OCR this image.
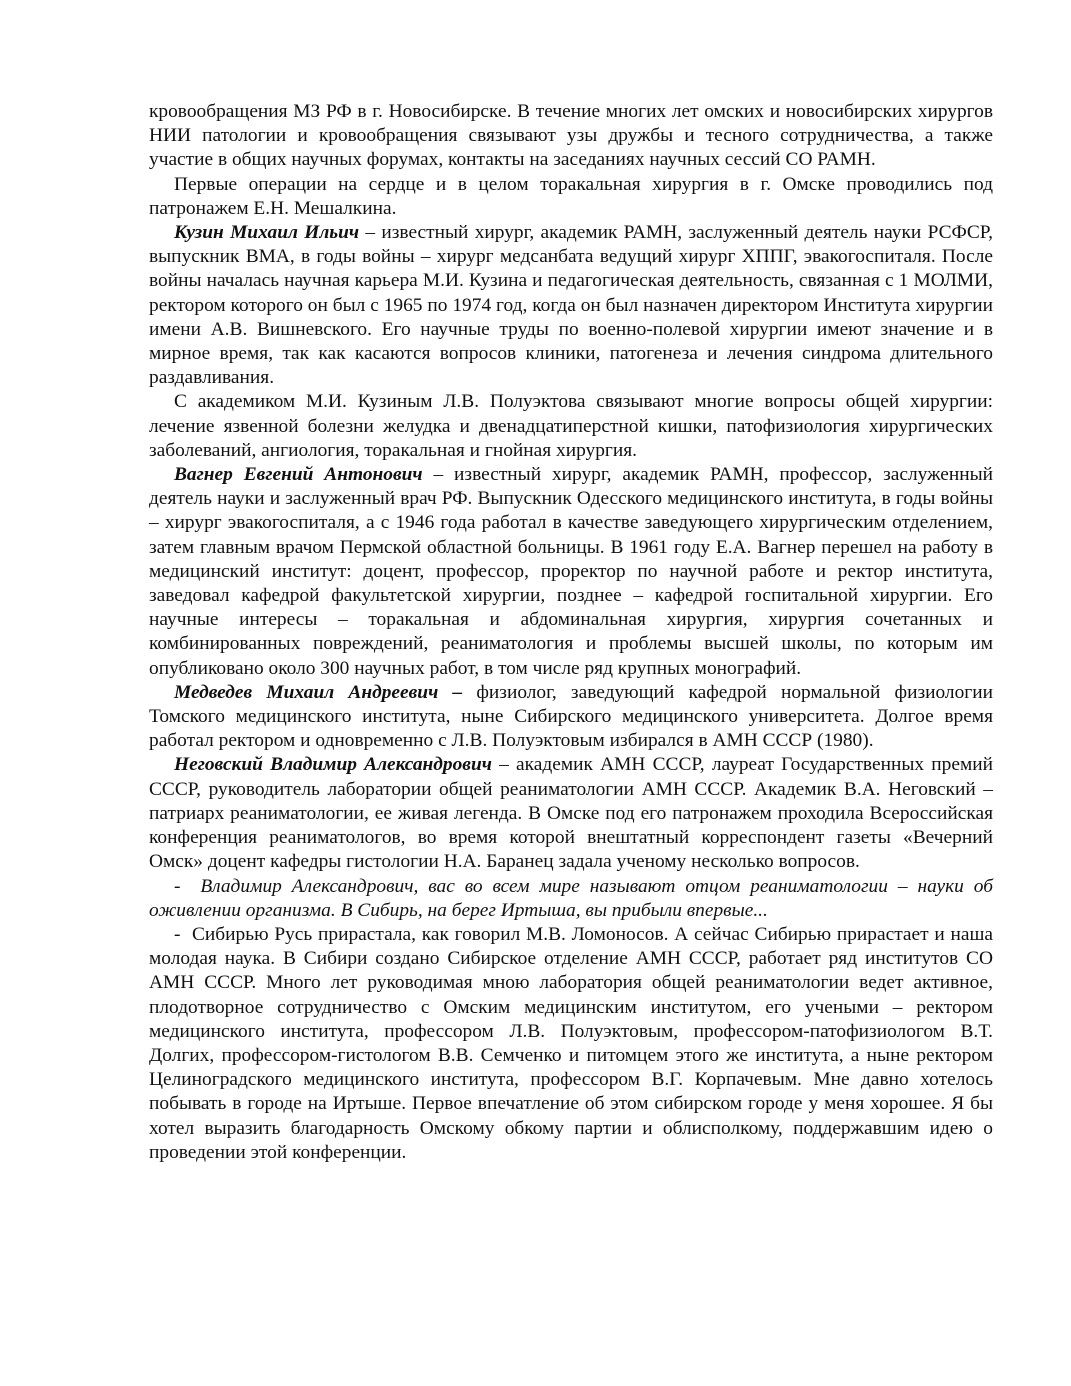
кровообращения МЗ РФ в г. Новосибирске. В течение многих лет омских и новосибирских хирургов НИИ патологии и кровообращения связывают узы дружбы и тесного сотрудничества, а также участие в общих научных форумах, контакты на заседаниях научных сессий СО РАМН.

Первые операции на сердце и в целом торакальная хирургия в г. Омске проводились под патронажем Е.Н. Мешалкина.

Кузин Михаил Ильич – известный хирург, академик РАМН, заслуженный деятель науки РСФСР, выпускник ВМА, в годы войны – хирург медсанбата ведущий хирург ХППГ, эвакогоспиталя. После войны началась научная карьера М.И. Кузина и педагогическая деятельность, связанная с 1 МОЛМИ, ректором которого он был с 1965 по 1974 год, когда он был назначен директором Института хирургии имени А.В. Вишневского. Его научные труды по военно-полевой хирургии имеют значение и в мирное время, так как касаются вопросов клиники, патогенеза и лечения синдрома длительного раздавливания.

С академиком М.И. Кузиным Л.В. Полуэктова связывают многие вопросы общей хирургии: лечение язвенной болезни желудка и двенадцатиперстной кишки, патофизиология хирургических заболеваний, ангиология, торакальная и гнойная хирургия.

Вагнер Евгений Антонович – известный хирург, академик РАМН, профессор, заслуженный деятель науки и заслуженный врач РФ. Выпускник Одесского медицинского института, в годы войны – хирург эвакогоспиталя, а с 1946 года работал в качестве заведующего хирургическим отделением, затем главным врачом Пермской областной больницы. В 1961 году Е.А. Вагнер перешел на работу в медицинский институт: доцент, профессор, проректор по научной работе и ректор института, заведовал кафедрой факультетской хирургии, позднее – кафедрой госпитальной хирургии. Его научные интересы – торакальная и абдоминальная хирургия, хирургия сочетанных и комбинированных повреждений, реаниматология и проблемы высшей школы, по которым им опубликовано около 300 научных работ, в том числе ряд крупных монографий.

Медведев Михаил Андреевич – физиолог, заведующий кафедрой нормальной физиологии Томского медицинского института, ныне Сибирского медицинского университета. Долгое время работал ректором и одновременно с Л.В. Полуэктовым избирался в АМН СССР (1980).

Неговский Владимир Александрович – академик АМН СССР, лауреат Государственных премий СССР, руководитель лаборатории общей реаниматологии АМН СССР. Академик В.А. Неговский – патриарх реаниматологии, ее живая легенда. В Омске под его патронажем проходила Всероссийская конференция реаниматологов, во время которой внештатный корреспондент газеты «Вечерний Омск» доцент кафедры гистологии Н.А. Баранец задала ученому несколько вопросов.

- Владимир Александрович, вас во всем мире называют отцом реаниматологии – науки об оживлении организма. В Сибирь, на берег Иртыша, вы прибыли впервые...

- Сибирью Русь прирастала, как говорил М.В. Ломоносов. А сейчас Сибирью прирастает и наша молодая наука. В Сибири создано Сибирское отделение АМН СССР, работает ряд институтов СО АМН СССР. Много лет руководимая мною лаборатория общей реаниматологии ведет активное, плодотворное сотрудничество с Омским медицинским институтом, его учеными – ректором медицинского института, профессором Л.В. Полуэктовым, профессором-патофизиологом В.Т. Долгих, профессором-гистологом В.В. Семченко и питомцем этого же института, а ныне ректором Целиноградского медицинского института, профессором В.Г. Корпачевым. Мне давно хотелось побывать в городе на Иртыше. Первое впечатление об этом сибирском городе у меня хорошее. Я бы хотел выразить благодарность Омскому обкому партии и облисполкому, поддержавшим идею о проведении этой конференции.
